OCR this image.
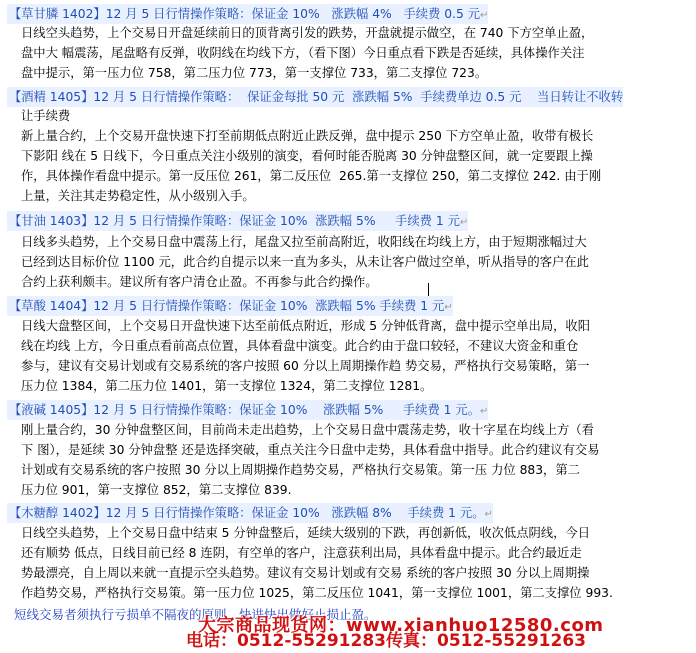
【草甘膦 1402】12 月 5 日行情操作策略：保证金 10%   涨跌幅 4%   手续费 0.5 元↵
日线空头趋势，上个交易日开盘延续前日的顶背离引发的跌势，开盘就提示做空，在 740 下方空单止盈，
盘中大 幅震荡，尾盘略有反弹，收阴线在均线下方，（看下图）今日重点看下跌是否延续，具体操作关注
盘中提示，第一压力位 758，第二压力位 773，第一支撑位 733，第二支撑位 723。
【酒精 1405】12 月 5 日行情操作策略：  保证金每批 50 元  涨跌幅 5%  手续费单边 0.5 元    当日转让不收转
让手续费
新上量合约，上个交易开盘快速下打至前期低点附近止跌反弹，盘中提示 250 下方空单止盈，收带有极长
下影阳 线在 5 日线下，今日重点关注小级别的演变，看何时能否脱离 30 分钟盘整区间，就一定要跟上操
作，具体操作看盘中提示。第一反压位 261，第二反压位  265.第一支撑位 250，第二支撑位 242. 由于刚
上量，关注其走势稳定性，从小级别入手。
【甘油 1403】12 月 5 日行情操作策略：保证金 10%  涨跌幅 5%     手续费 1 元↵
日线多头趋势，上个交易日盘中震荡上行，尾盘又拉至前高附近，收阳线在均线上方，由于短期涨幅过大
已经到达目标价位 1100 元，此合约自提示以来一直为多头，从未让客户做过空单，听从指导的客户在此
合约上获利颇丰。建议所有客户清仓止盈。不再参与此合约操作。
【草酸 1404】12 月 5 日行情操作策略：保证金 10%  涨跌幅 5% 手续费 1 元↵
日线大盘整区间，上个交易日开盘快速下达至前低点附近，形成 5 分钟低背离，盘中提示空单出局，收阳
线在均线 上方，今日重点看前高点位置，具体看盘中演变。此合约由于盘口较轻，不建议大资金和重仓
参与，建议有交易计划或有交易系统的客户按照 60 分以上周期操作趋 势交易，严格执行交易策略，第一
压力位 1384，第二压力位 1401，第一支撑位 1324，第二支撑位 1281。
【液碱 1405】12 月 5 日行情操作策略：保证金 10%    涨跌幅 5%     手续费 1 元。↵
刚上量合约，30 分钟盘整区间，目前尚未走出趋势，上个交易日盘中震荡走势，收十字星在均线上方（看
下 图），是延续 30 分钟盘整 还是选择突破，重点关注今日盘中走势，具体看盘中指导。此合约建议有交易
计划或有交易系统的客户按照 30 分以上周期操作趋势交易，严格执行交易策。第一压 力位 883，第二
压力位 901，第一支撑位 852，第二支撑位 839.
【木糖醇 1402】12 月 5 日行情操作策略：保证金 10%   涨跌幅 8%    手续费 1 元。↵
日线空头趋势，上个交易日盘中结束 5 分钟盘整后，延续大级别的下跌，再创新低，收次低点阴线，今日
还有顺势 低点，日线目前已经 8 连阴，有空单的客户，注意获利出局，具体看盘中提示。此合约最近走
势最漂亮，自上周以来就一直提示空头趋势。建议有交易计划或有交易 系统的客户按照 30 分以上周期操
作趋势交易，严格执行交易策。第一压力位 1025，第二反压位 1041，第一支撑位 1001，第二支撑位 993.
短线交易者须执行亏损单不隔夜的原则，快进快出做好止损止盈。
大宗商品现货网：www.xianhuo12580.com
电话：0512-55291283传真：0512-55291263
